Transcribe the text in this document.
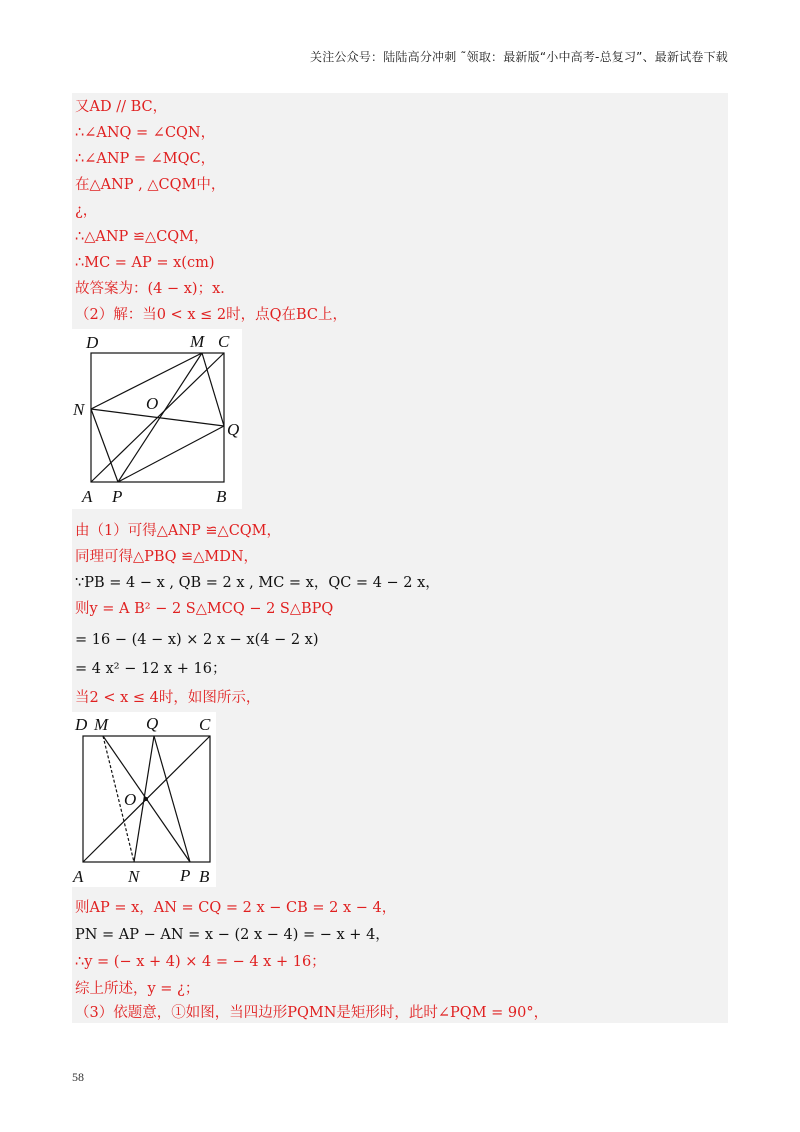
关注公众号：陆陆高分冲刺 ˜领取：最新版“小中高考-总复习”、最新试卷下载
又AD // BC，
∴∠ANQ = ∠CQN，
∴∠ANP = ∠MQC，
在△ANP , △CQM中，
¿，
∴△ANP ≌△CQM，
∴MC = AP = x(cm)
故答案为：(4 − x)；x．
（2）解：当0 < x ≤ 2时，点Q在BC上，
D	M C
N	O
Q
A P	B
由（1）可得△ANP ≌△CQM，
同理可得△PBQ ≌△MDN，
∵PB = 4 − x , QB = 2 x , MC = x，QC = 4 − 2 x，
则y = A B² − 2 S△MCQ − 2 S△BPQ
= 16 − (4 − x) × 2 x − x(4 − 2 x)
= 4 x² − 12 x + 16；
当2 < x ≤ 4时，如图所示，
D M Q C
O
A	N P B
则AP = x，AN = CQ = 2 x − CB = 2 x − 4，
PN = AP − AN = x − (2 x − 4) = − x + 4，
∴y = (− x + 4) × 4 = − 4 x + 16；
综上所述，y = ¿；
（3）依题意，①如图，当四边形PQMN是矩形时，此时∠PQM = 90°，
58
